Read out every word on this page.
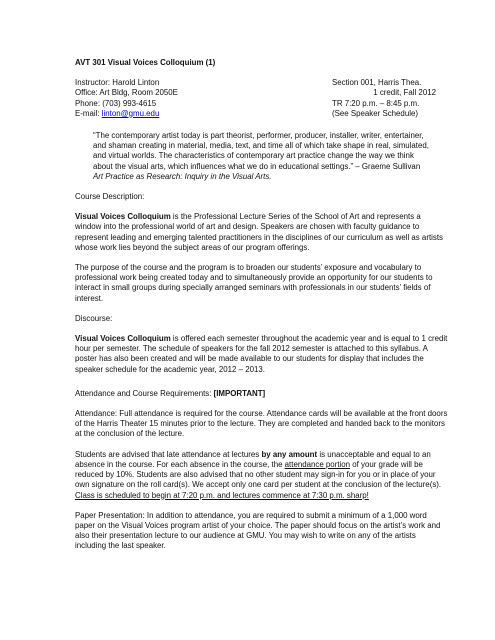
AVT 301 Visual Voices Colloquium (1)

Instructor: Harold Linton

Office: Art Bldg, Room 2050E

Phone: (703) 993-4615

E-mail: linton@gmu.edu

Section 001, Harris Thea.

1 credit, Fall 2012

TR 7:20 p.m. – 8:45 p.m.

(See Speaker Schedule)

“The contemporary artist today is part theorist, performer, producer, installer, writer, entertainer, and shaman creating in material, media, text, and time all of which take shape in real, simulated, and virtual worlds. The characteristics of contemporary art practice change the way we think about the visual arts, which influences what we do in educational settings.” – Graeme Sullivan Art Practice as Research: Inquiry in the Visual Arts.

Course Description:

Visual Voices Colloquium is the Professional Lecture Series of the School of Art and represents a window into the professional world of art and design. Speakers are chosen with faculty guidance to represent leading and emerging talented practitioners in the disciplines of our curriculum as well as artists whose work lies beyond the subject areas of our program offerings.

The purpose of the course and the program is to broaden our students’ exposure and vocabulary to professional work being created today and to simultaneously provide an opportunity for our students to interact in small groups during specially arranged seminars with professionals in our students’ fields of interest.

Discourse:

Visual Voices Colloquium is offered each semester throughout the academic year and is equal to 1 credit hour per semester. The schedule of speakers for the fall 2012 semester is attached to this syllabus. A poster has also been created and will be made available to our students for display that includes the speaker schedule for the academic year, 2012 – 2013.

Attendance and Course Requirements: [IMPORTANT]

Attendance: Full attendance is required for the course. Attendance cards will be available at the front doors of the Harris Theater 15 minutes prior to the lecture. They are completed and handed back to the monitors at the conclusion of the lecture.

Students are advised that late attendance at lectures by any amount is unacceptable and equal to an absence in the course. For each absence in the course, the attendance portion of your grade will be reduced by 10%. Students are also advised that no other student may sign-in for you or in place of your own signature on the roll card(s). We accept only one card per student at the conclusion of the lecture(s). Class is scheduled to begin at 7:20 p.m. and lectures commence at 7:30 p.m. sharp!

Paper Presentation: In addition to attendance, you are required to submit a minimum of a 1,000 word paper on the Visual Voices program artist of your choice. The paper should focus on the artist’s work and also their presentation lecture to our audience at GMU. You may wish to write on any of the artists including the last speaker.
